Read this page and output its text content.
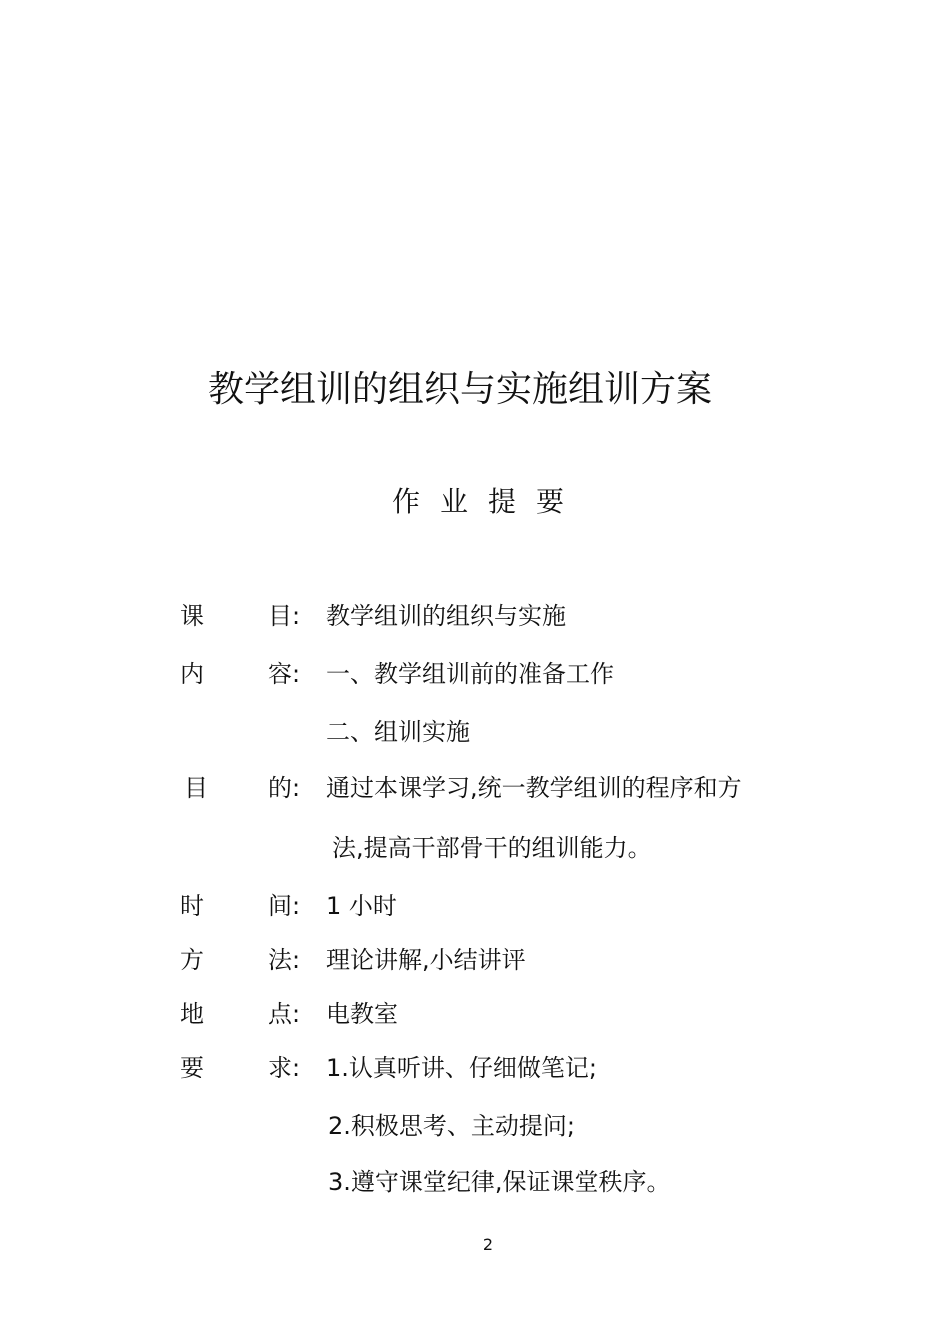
教学组训的组织与实施组训方案
作业提要
课	目 : 教学组训的组织与实施
内	容 : 一、教学组训前的准备工作
二、组训实施
目	的 : 通过本课学习,统一教学组训的程序和方
法,提高干部骨干的组训能力。
时	间 : 1 小时
方	法 : 理论讲解,小结讲评
地	点 : 电教室
要	求 : 1.认真听讲、仔细做笔记;
2.积极思考、主动提问;
3.遵守课堂纪律,保证课堂秩序。
2
